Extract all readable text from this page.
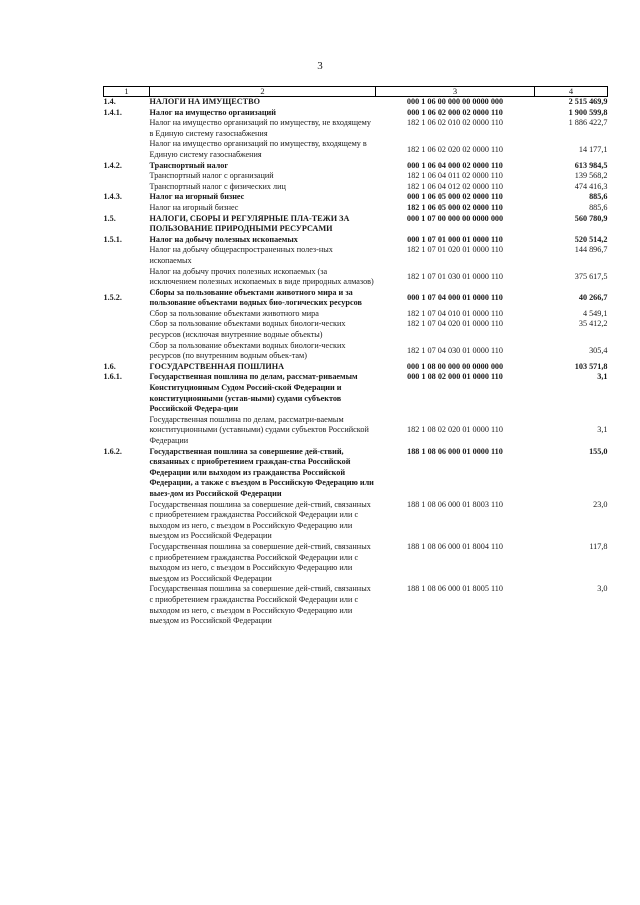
3
1	2	3	4
1.4.	НАЛОГИ НА ИМУЩЕСТВО	000 1 06 00 000 00 0000 000	2 515 469,9
1.4.1.	Налог на имущество организаций	000 1 06 02 000 02 0000 110	1 900 599,8
	Налог на имущество организаций по имуществу, не входящему в Единую систему газоснабжения	182 1 06 02 010 02 0000 110	1 886 422,7
	Налог на имущество организаций по имуществу, входящему в Единую систему газоснабжения	182 1 06 02 020 02 0000 110	14 177,1
1.4.2.	Транспортный налог	000 1 06 04 000 02 0000 110	613 984,5
	Транспортный налог с организаций	182 1 06 04 011 02 0000 110	139 568,2
	Транспортный налог с физических лиц	182 1 06 04 012 02 0000 110	474 416,3
1.4.3.	Налог на игорный бизнес	000 1 06 05 000 02 0000 110	885,6
	Налог на игорный бизнес	182 1 06 05 000 02 0000 110	885,6
1.5.	НАЛОГИ, СБОРЫ И РЕГУЛЯРНЫЕ ПЛА-ТЕЖИ ЗА ПОЛЬЗОВАНИЕ ПРИРОДНЫМИ РЕСУРСАМИ	000 1 07 00 000 00 0000 000	560 780,9
1.5.1.	Налог на добычу полезных ископаемых	000 1 07 01 000 01 0000 110	520 514,2
	Налог на добычу общераспространенных полез-ных ископаемых	182 1 07 01 020 01 0000 110	144 896,7
	Налог на добычу прочих полезных ископаемых (за исключением полезных ископаемых в виде природных алмазов)	182 1 07 01 030 01 0000 110	375 617,5
1.5.2.	Сборы за пользование объектами животного мира и за пользование объектами водных био-логических ресурсов	000 1 07 04 000 01 0000 110	40 266,7
	Сбор за пользование объектами животного мира	182 1 07 04 010 01 0000 110	4 549,1
	Сбор за пользование объектами водных биологи-ческих ресурсов (исключая внутренние водные объекты)	182 1 07 04 020 01 0000 110	35 412,2
	Сбор за пользование объектами водных биологи-ческих ресурсов (по внутренним водным объек-там)	182 1 07 04 030 01 0000 110	305,4
1.6.	ГОСУДАРСТВЕННАЯ ПОШЛИНА	000 1 08 00 000 00 0000 000	103 571,8
1.6.1.	Государственная пошлина по делам, рассмат-риваемым Конституционным Судом Россий-ской Федерации и конституционными (устав-ными) судами субъектов Российской Федера-ции	000 1 08 02 000 01 0000 110	3,1
	Государственная пошлина по делам, рассматри-ваемым конституционными (уставными) судами субъектов Российской Федерации	182 1 08 02 020 01 0000 110	3,1
1.6.2.	Государственная пошлина за совершение дей-ствий, связанных с приобретением граждан-ства Российской Федерации или выходом из гражданства Российской Федерации, а также с въездом в Российскую Федерацию или выез-дом из Российской Федерации	188 1 08 06 000 01 0000 110	155,0
	Государственная пошлина за совершение дей-ствий, связанных с приобретением гражданства Российской Федерации или с выходом из него, с въездом в Российскую Федерацию или выездом из Российской Федерации	188 1 08 06 000 01 8003 110	23,0
	Государственная пошлина за совершение дей-ствий, связанных с приобретением гражданства Российской Федерации или с выходом из него, с въездом в Российскую Федерацию или выездом из Российской Федерации	188 1 08 06 000 01 8004 110	117,8
	Государственная пошлина за совершение дей-ствий, связанных с приобретением гражданства Российской Федерации или с выходом из него, с въездом в Российскую Федерацию или выездом из Российской Федерации	188 1 08 06 000 01 8005 110	3,0
